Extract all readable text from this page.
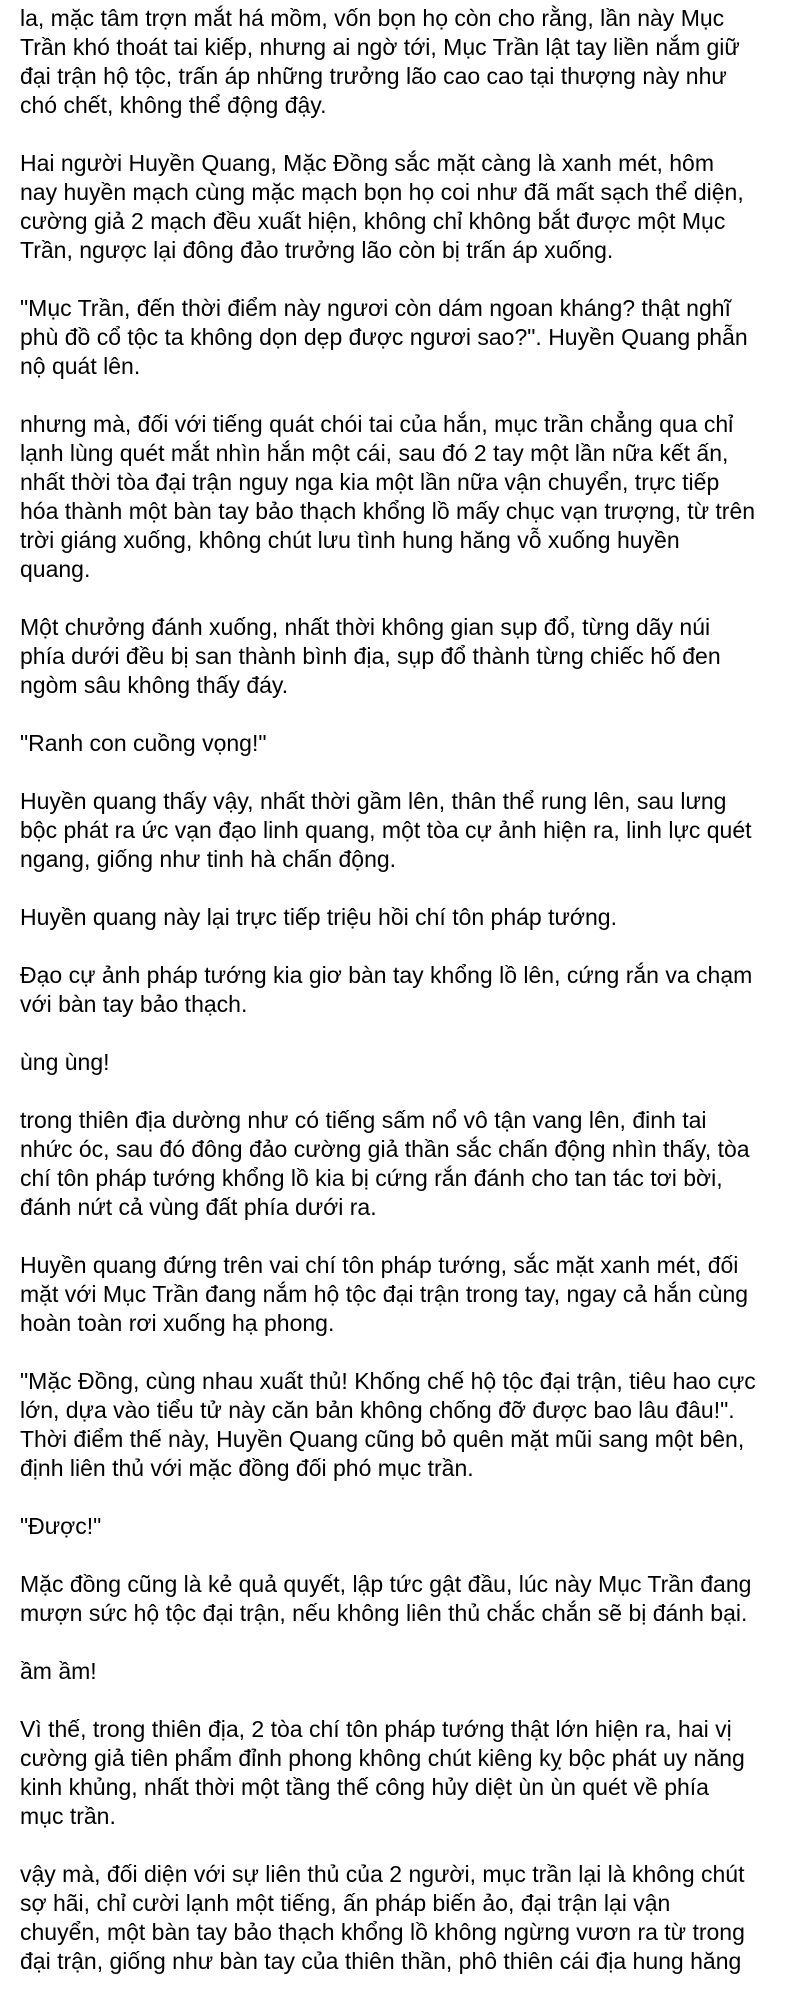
la, mặc tâm trợn mắt há mồm, vốn bọn họ còn cho rằng, lần này Mục
Trần khó thoát tai kiếp, nhưng ai ngờ tới, Mục Trần lật tay liền nắm giữ
đại trận hộ tộc, trấn áp những trưởng lão cao cao tại thượng này như
chó chết, không thể động đậy.

Hai người Huyền Quang, Mặc Đồng sắc mặt càng là xanh mét, hôm
nay huyền mạch cùng mặc mạch bọn họ coi như đã mất sạch thể diện,
cường giả 2 mạch đều xuất hiện, không chỉ không bắt được một Mục
Trần, ngược lại đông đảo trưởng lão còn bị trấn áp xuống.

"Mục Trần, đến thời điểm này ngươi còn dám ngoan kháng? thật nghĩ
phù đồ cổ tộc ta không dọn dẹp được ngươi sao?". Huyền Quang phẫn
nộ quát lên.

nhưng mà, đối với tiếng quát chói tai của hắn, mục trần chẳng qua chỉ
lạnh lùng quét mắt nhìn hắn một cái, sau đó 2 tay một lần nữa kết ấn,
nhất thời tòa đại trận nguy nga kia một lần nữa vận chuyển, trực tiếp
hóa thành một bàn tay bảo thạch khổng lồ mấy chục vạn trượng, từ trên
trời giáng xuống, không chút lưu tình hung hăng vỗ xuống huyền
quang.

Một chưởng đánh xuống, nhất thời không gian sụp đổ, từng dãy núi
phía dưới đều bị san thành bình địa, sụp đổ thành từng chiếc hố đen
ngòm sâu không thấy đáy.

"Ranh con cuồng vọng!"

Huyền quang thấy vậy, nhất thời gầm lên, thân thể rung lên, sau lưng
bộc phát ra ức vạn đạo linh quang, một tòa cự ảnh hiện ra, linh lực quét
ngang, giống như tinh hà chấn động.

Huyền quang này lại trực tiếp triệu hồi chí tôn pháp tướng.

Đạo cự ảnh pháp tướng kia giơ bàn tay khổng lồ lên, cứng rắn va chạm
với bàn tay bảo thạch.

ùng ùng!

trong thiên địa dường như có tiếng sấm nổ vô tận vang lên, đinh tai
nhức óc, sau đó đông đảo cường giả thần sắc chấn động nhìn thấy, tòa
chí tôn pháp tướng khổng lồ kia bị cứng rắn đánh cho tan tác tơi bời,
đánh nứt cả vùng đất phía dưới ra.

Huyền quang đứng trên vai chí tôn pháp tướng, sắc mặt xanh mét, đối
mặt với Mục Trần đang nắm hộ tộc đại trận trong tay, ngay cả hắn cùng
hoàn toàn rơi xuống hạ phong.

"Mặc Đồng, cùng nhau xuất thủ! Khống chế hộ tộc đại trận, tiêu hao cực
lớn, dựa vào tiểu tử này căn bản không chống đỡ được bao lâu đâu!".
Thời điểm thế này, Huyền Quang cũng bỏ quên mặt mũi sang một bên,
định liên thủ với mặc đồng đối phó mục trần.

"Được!"

Mặc đồng cũng là kẻ quả quyết, lập tức gật đầu, lúc này Mục Trần đang
mượn sức hộ tộc đại trận, nếu không liên thủ chắc chắn sẽ bị đánh bại.

ầm ầm!

Vì thế, trong thiên địa, 2 tòa chí tôn pháp tướng thật lớn hiện ra, hai vị
cường giả tiên phẩm đỉnh phong không chút kiêng kỵ bộc phát uy năng
kinh khủng, nhất thời một tầng thế công hủy diệt ùn ùn quét về phía
mục trần.

vậy mà, đối diện với sự liên thủ của 2 người, mục trần lại là không chút
sợ hãi, chỉ cười lạnh một tiếng, ấn pháp biến ảo, đại trận lại vận
chuyển, một bàn tay bảo thạch khổng lồ không ngừng vươn ra từ trong
đại trận, giống như bàn tay của thiên thần, phô thiên cái địa hung hăng
